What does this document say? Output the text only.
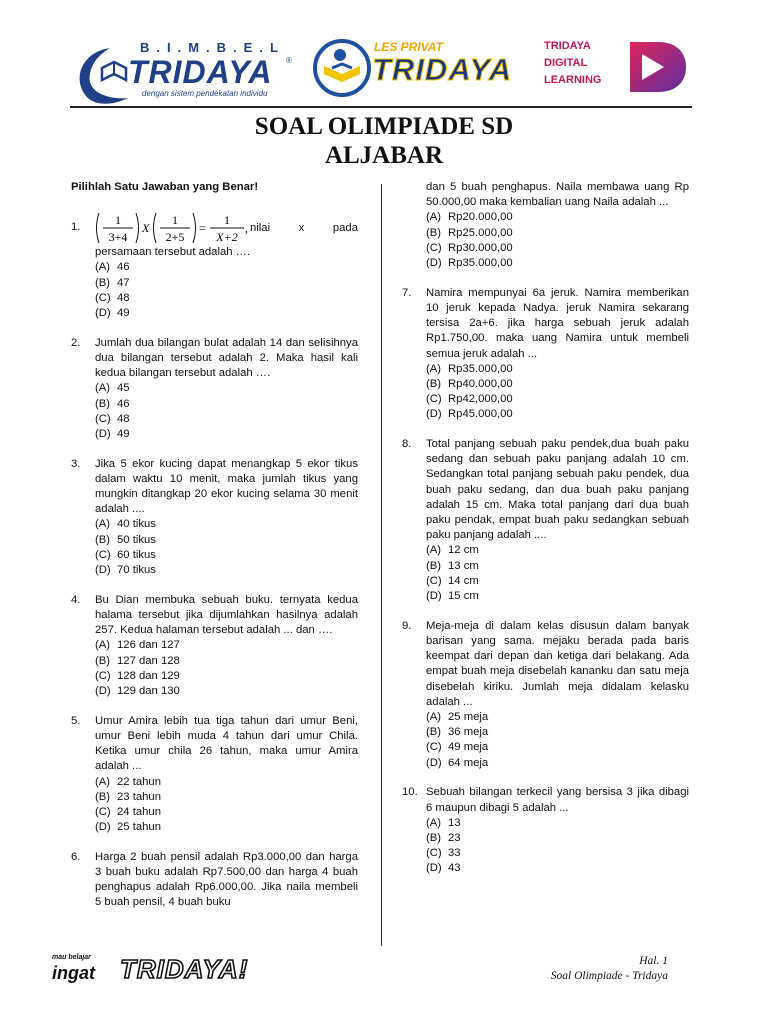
B.I.M.B.E.L
TRIDAYA ®
dengan sistem pendekatan individu
LES PRIVAT
TRIDAYA
TRIDAYA
DIGITAL
LEARNING
SOAL OLIMPIADE SD
ALJABAR
Pilihlah Satu Jawaban yang Benar!
1.	1
3+4
X
1
2+5
=
1
X+2
, nilai	x	pada
persamaan tersebut adalah ….
(A) 46
(B) 47
(C) 48
(D) 49
2. Jumlah dua bilangan bulat adalah 14 dan selisihnya dua bilangan tersebut adalah 2. Maka hasil kali kedua bilangan tersebut adalah ….
(A) 45
(B) 46
(C) 48
(D) 49
3. Jika 5 ekor kucing dapat menangkap 5 ekor tikus dalam waktu 10 menit, maka jumlah tikus yang mungkin ditangkap 20 ekor kucing selama 30 menit adalah ....
(A) 40 tikus
(B) 50 tikus
(C) 60 tikus
(D) 70 tikus
4. Bu Dian membuka sebuah buku. ternyata kedua halama tersebut jika dijumlahkan hasilnya adalah 257. Kedua halaman tersebut adalah ... dan ….
(A) 126 dan 127
(B) 127 dan 128
(C) 128 dan 129
(D) 129 dan 130
5. Umur Amira lebih tua tiga tahun dari umur Beni, umur Beni lebih muda 4 tahun dari umur Chila. Ketika umur chila 26 tahun, maka umur Amira adalah ...
(A) 22 tahun
(B) 23 tahun
(C) 24 tahun
(D) 25 tahun
6. Harga 2 buah pensil adalah Rp3.000,00 dan harga 3 buah buku adalah Rp7.500,00 dan harga 4 buah penghapus adalah Rp6.000,00. Jika naila membeli 5 buah pensil, 4 buah buku
dan 5 buah penghapus. Naila membawa uang Rp 50.000,00 maka kembalian uang Naila adalah ...
(A) Rp20.000,00
(B) Rp25.000,00
(C) Rp30.000,00
(D) Rp35.000,00
7. Namira mempunyai 6a jeruk. Namira memberikan 10 jeruk kepada Nadya. jeruk Namira sekarang tersisa 2a+6. jika harga sebuah jeruk adalah Rp1.750,00. maka uang Namira untuk membeli semua jeruk adalah ...
(A) Rp35.000,00
(B) Rp40.000,00
(C) Rp42,000,00
(D) Rp45.000,00
8. Total panjang sebuah paku pendek,dua buah paku sedang dan sebuah paku panjang adalah 10 cm. Sedangkan total panjang sebuah paku pendek, dua buah paku sedang, dan dua buah paku panjang adalah 15 cm. Maka total panjang dari dua buah paku pendak, empat buah paku sedangkan sebuah paku panjang adalah ....
(A) 12 cm
(B) 13 cm
(C) 14 cm
(D) 15 cm
9. Meja-meja di dalam kelas disusun dalam banyak barisan yang sama. mejaku berada pada baris keempat dari depan dan ketiga dari belakang. Ada empat buah meja disebelah kananku dan satu meja disebelah kiriku. Jumlah meja didalam kelasku adalah ...
(A) 25 meja
(B) 36 meja
(C) 49 meja
(D) 64 meja
10. Sebuah bilangan terkecil yang bersisa 3 jika dibagi 6 maupun dibagi 5 adalah ...
(A) 13
(B) 23
(C) 33
(D) 43
mau belajar
ingat TRIDAYA!	Hal. 1
Soal Olimpiade - Tridaya
